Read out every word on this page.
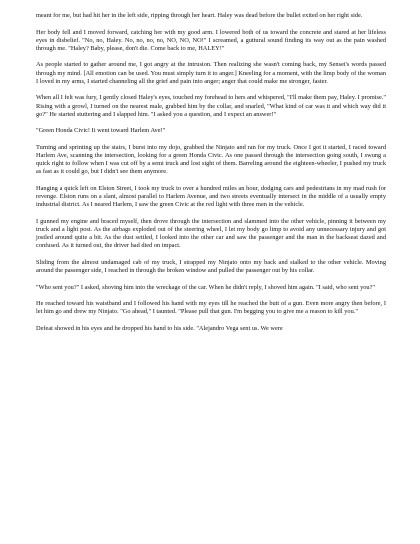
meant for me, but had hit her in the left side, ripping through her heart. Haley was dead before the bullet exited on her right side.

Her body fell and I moved forward, catching her with my good arm. I lowered both of us toward the concrete and stared at her lifeless eyes in disbelief. "No, no, Haley. No, no, no, no, NO, NO, NO!" I screamed, a guttural sound finding its way out as the pain washed through me. "Haley? Baby, please, don't die. Come back to me, HALEY!"

As people started to gather around me, I got angry at the intrusion. Then realizing she wasn't coming back, my Sensei's words passed through my mind. [All emotion can be used. You must simply turn it to anger.] Kneeling for a moment, with the limp body of the woman I loved in my arms, I started channeling all the grief and pain into anger; anger that could make me stronger, faster.

When all I felt was fury, I gently closed Haley's eyes, touched my forehead to hers and whispered, "I'll make them pay, Haley. I promise." Rising with a growl, I turned on the nearest male, grabbed him by the collar, and snarled, "What kind of car was it and which way did it go?" He started stuttering and I slapped him. "I asked you a question, and I expect an answer!"

"Green Honda Civic! It went toward Harlem Ave!"

Turning and sprinting up the stairs, I burst into my dojo, grabbed the Ninjato and ran for my truck. Once I got it started, I raced toward Harlem Ave, scanning the intersection, looking for a green Honda Civic. As one passed through the intersection going south, I swung a quick right to follow when I was cut off by a semi truck and lost sight of them. Barreling around the eighteen-wheeler, I pushed my truck as fast as it could go, but I didn't see them anymore.

Hanging a quick left on Elston Street, I took my truck to over a hundred miles an hour, dodging cars and pedestrians in my mad rush for revenge. Elston runs on a slant, almost parallel to Harlem Avenue, and two streets eventually intersect in the middle of a usually empty industrial district. As I neared Harlem, I saw the green Civic at the red light with three men in the vehicle.

I gunned my engine and braced myself, then drove through the intersection and slammed into the other vehicle, pinning it between my truck and a light post. As the airbags exploded out of the steering wheel, I let my body go limp to avoid any unnecessary injury and got jostled around quite a bit. As the dust settled, I looked into the other car and saw the passenger and the man in the backseat dazed and confused. As it turned out, the driver had died on impact.

Sliding from the almost undamaged cab of my truck, I strapped my Ninjato onto my back and stalked to the other vehicle. Moving around the passenger side, I reached in through the broken window and pulled the passenger out by his collar.

"Who sent you?" I asked, shoving him into the wreckage of the car. When he didn't reply, I shoved him again. "I said, who sent you?"

He reached toward his waistband and I followed his hand with my eyes till he reached the butt of a gun. Even more angry then before, I let him go and drew my Ninjato. "Go ahead," I taunted. "Please pull that gun. I'm begging you to give me a reason to kill you."

Defeat showed in his eyes and he dropped his hand to his side. "Alejandro Vega sent us. We were
